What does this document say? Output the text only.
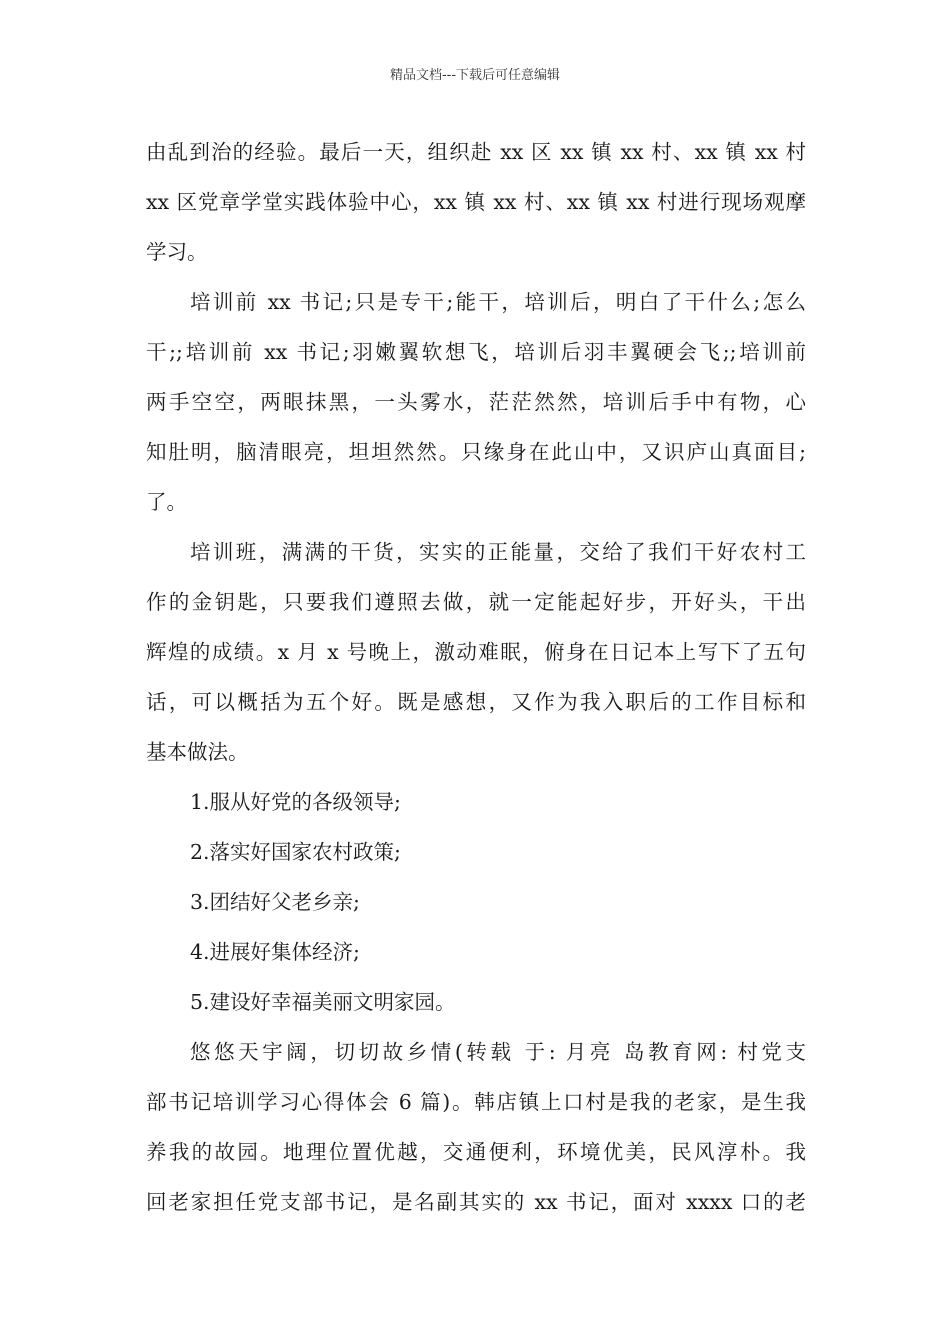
精品文档---下载后可任意编辑
由乱到治的经验。最后一天，组织赴 xx 区 xx 镇 xx 村、xx 镇 xx 村
xx 区党章学堂实践体验中心，xx 镇 xx 村、xx 镇 xx 村进行现场观摩
学习。
培训前 xx 书记;只是专干;能干，培训后，明白了干什么;怎么
干;;培训前 xx 书记;羽嫩翼软想飞，培训后羽丰翼硬会飞;;培训前
两手空空，两眼抹黑，一头雾水，茫茫然然，培训后手中有物，心
知肚明，脑清眼亮，坦坦然然。只缘身在此山中，又识庐山真面目;
了。
培训班，满满的干货，实实的正能量，交给了我们干好农村工
作的金钥匙，只要我们遵照去做，就一定能起好步，开好头，干出
辉煌的成绩。x 月 x 号晚上，激动难眠，俯身在日记本上写下了五句
话，可以概括为五个好。既是感想，又作为我入职后的工作目标和
基本做法。
1.服从好党的各级领导;
2.落实好国家农村政策;
3.团结好父老乡亲;
4.进展好集体经济;
5.建设好幸福美丽文明家园。
悠悠天宇阔，切切故乡情(转载 于: 月亮 岛教育网: 村党支
部书记培训学习心得体会 6 篇)。韩店镇上口村是我的老家，是生我
养我的故园。地理位置优越，交通便利，环境优美，民风淳朴。我
回老家担任党支部书记，是名副其实的 xx 书记，面对 xxxx 口的老
